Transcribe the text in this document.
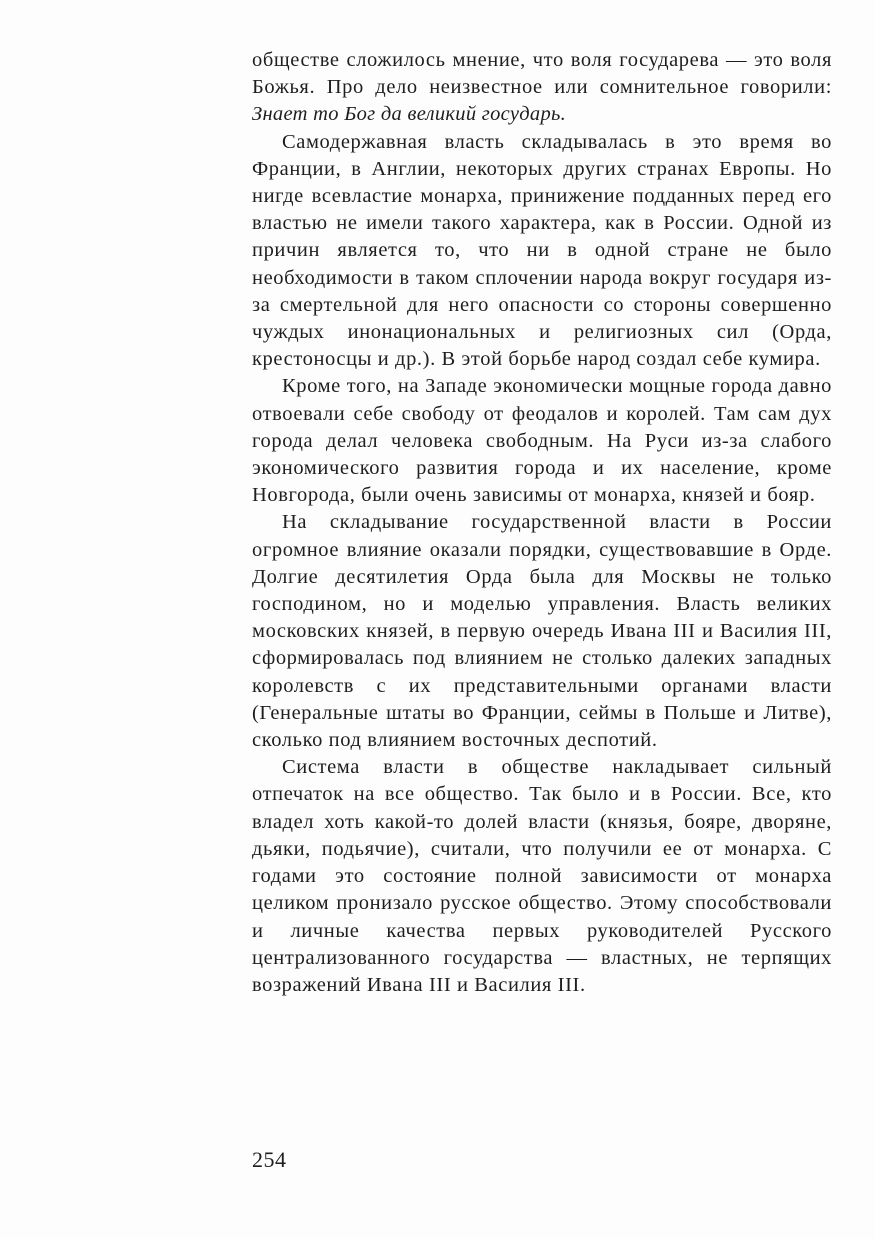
обществе сложилось мнение, что воля государева — это воля Божья. Про дело неизвестное или сомнительное говорили: Знает то Бог да великий государь.

Самодержавная власть складывалась в это время во Франции, в Англии, некоторых других странах Европы. Но нигде всевластие монарха, принижение подданных перед его властью не имели такого характера, как в России. Одной из причин является то, что ни в одной стране не было необходимости в таком сплочении народа вокруг государя из-за смертельной для него опасности со стороны совершенно чуждых инонациональных и религиозных сил (Орда, крестоносцы и др.). В этой борьбе народ создал себе кумира.

Кроме того, на Западе экономически мощные города давно отвоевали себе свободу от феодалов и королей. Там сам дух города делал человека свободным. На Руси из-за слабого экономического развития города и их население, кроме Новгорода, были очень зависимы от монарха, князей и бояр.

На складывание государственной власти в России огромное влияние оказали порядки, существовавшие в Орде. Долгие десятилетия Орда была для Москвы не только господином, но и моделью управления. Власть великих московских князей, в первую очередь Ивана III и Василия III, сформировалась под влиянием не столько далеких западных королевств с их представительными органами власти (Генеральные штаты во Франции, сеймы в Польше и Литве), сколько под влиянием восточных деспотий.

Система власти в обществе накладывает сильный отпечаток на все общество. Так было и в России. Все, кто владел хоть какой-то долей власти (князья, бояре, дворяне, дьяки, подьячие), считали, что получили ее от монарха. С годами это состояние полной зависимости от монарха целиком пронизало русское общество. Этому способствовали и личные качества первых руководителей Русского централизованного государства — властных, не терпящих возражений Ивана III и Василия III.

254
